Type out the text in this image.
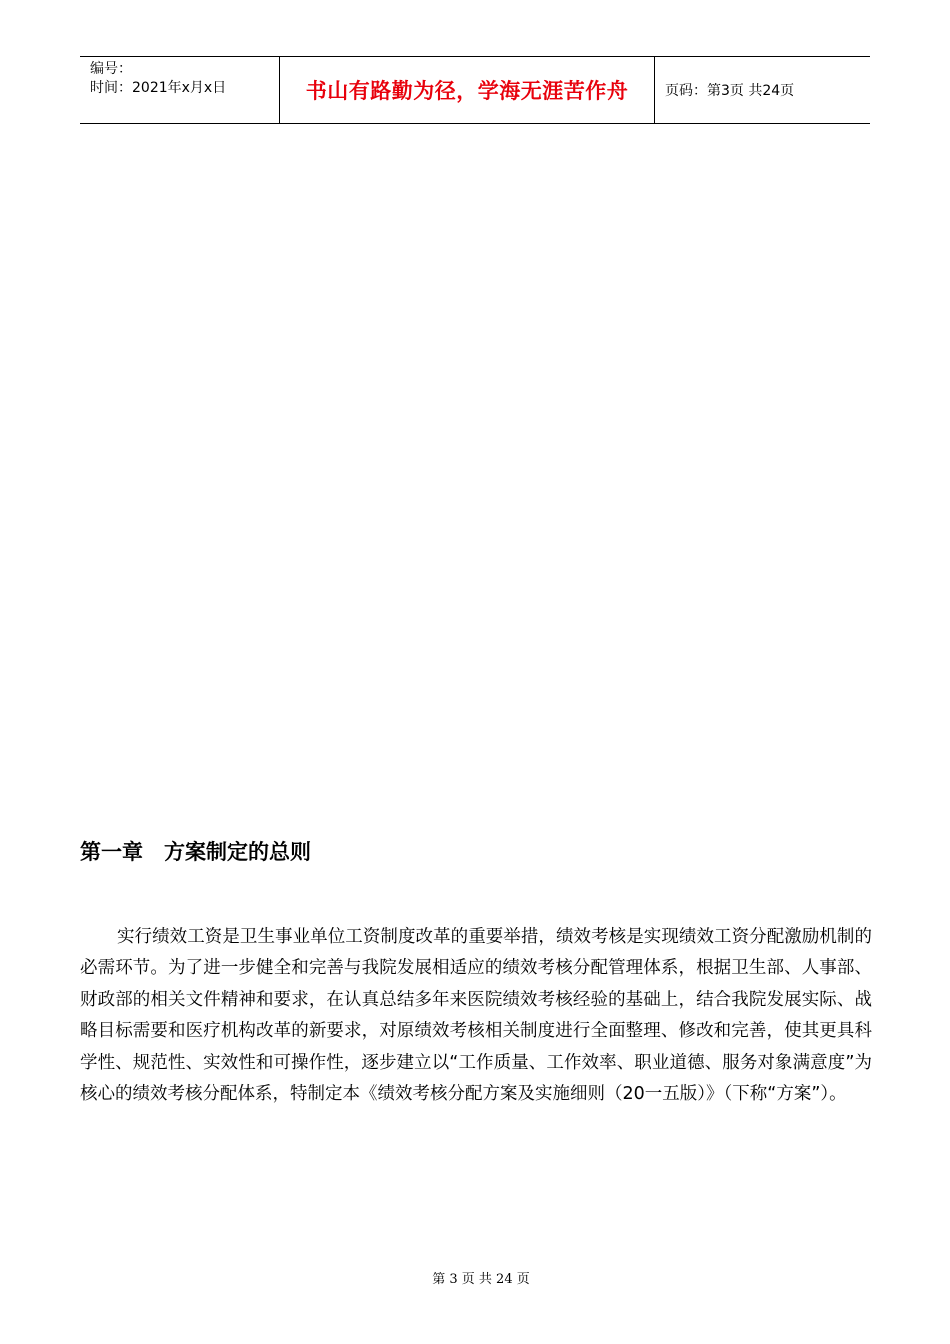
编号：
时间：2021年x月x日	书山有路勤为径，学海无涯苦作舟	页码：第3页 共24页
第一章　方案制定的总则

实行绩效工资是卫生事业单位工资制度改革的重要举措，绩效考核是实现绩效工资分配激励机制的必需环节。为了进一步健全和完善与我院发展相适应的绩效考核分配管理体系，根据卫生部、人事部、财政部的相关文件精神和要求，在认真总结多年来医院绩效考核经验的基础上，结合我院发展实际、战略目标需要和医疗机构改革的新要求，对原绩效考核相关制度进行全面整理、修改和完善，使其更具科学性、规范性、实效性和可操作性，逐步建立以“工作质量、工作效率、职业道德、服务对象满意度”为核心的绩效考核分配体系，特制定本《绩效考核分配方案及实施细则（20一五版）》（下称“方案”）。

第 3 页 共 24 页
